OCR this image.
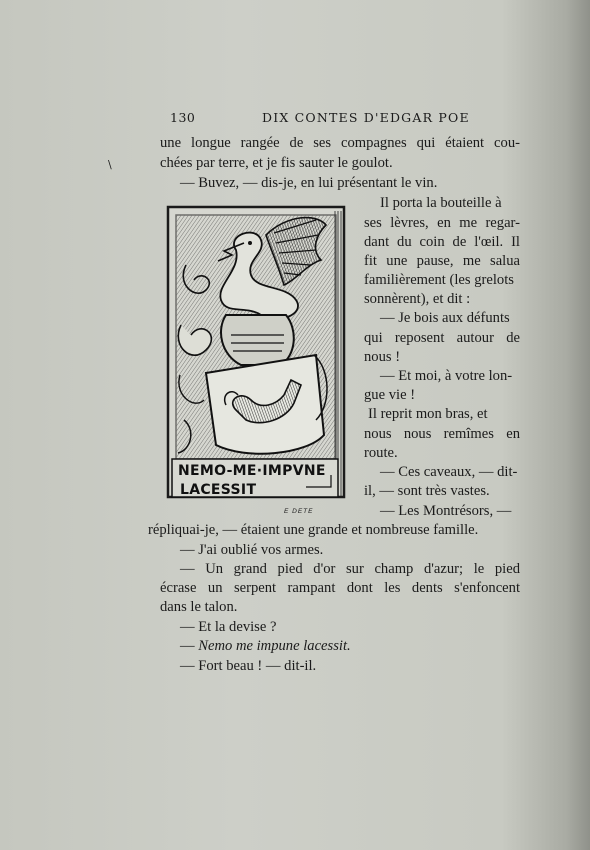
130	DIX CONTES D'EDGAR POE
\
une longue rangée de ses compagnes qui étaient cou-
chées par terre, et je fis sauter le goulot.
— Buvez, — dis-je, en lui présentant le vin.
NEMO-ME·IMPVNE
LACESSIT
E DETE
Il porta la bouteille à
ses lèvres, en me regar-
dant du coin de l'œil. Il
fit une pause, me salua
familièrement (les grelots
sonnèrent), et dit :
— Je bois aux défunts
qui reposent autour de
nous !
— Et moi, à votre lon-
gue vie !
Il reprit mon bras, et
nous nous remîmes en
route.
— Ces caveaux, — dit-
il, — sont très vastes.
— Les Montrésors, —
répliquai-je, — étaient une grande et nombreuse famille.
— J'ai oublié vos armes.
— Un grand pied d'or sur champ d'azur; le pied
écrase un serpent rampant dont les dents s'enfoncent
dans le talon.
— Et la devise ?
— Nemo me impune lacessit.
— Fort beau ! — dit-il.
